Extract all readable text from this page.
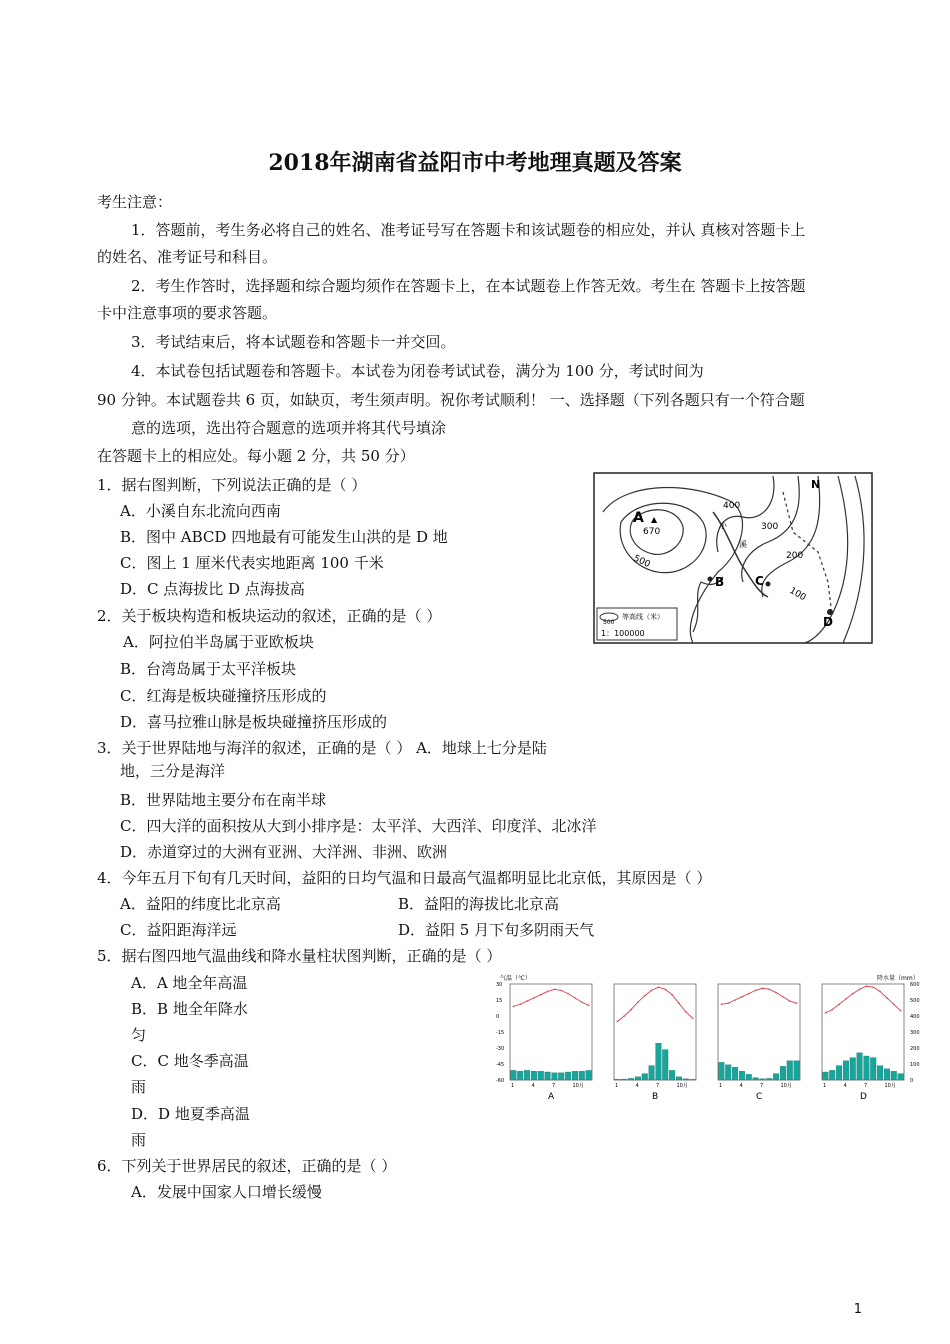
2018年湖南省益阳市中考地理真题及答案
考生注意：
1．答题前，考生务必将自己的姓名、准考证号写在答题卡和该试题卷的相应处，并认 真核对答题卡上
的姓名、准考证号和科目。
2．考生作答时，选择题和综合题均须作在答题卡上，在本试题卷上作答无效。考生在 答题卡上按答题
卡中注意事项的要求答题。
3．考试结束后，将本试题卷和答题卡一并交回。
4．本试卷包括试题卷和答题卡。本试卷为闭卷考试试卷，满分为 100 分，考试时间为
90 分钟。本试题卷共 6 页，如缺页，考生须声明。祝你考试顺利！ 一、选择题（下列各题只有一个符合题
意的选项，选出符合题意的选项并将其代号填涂
在答题卡上的相应处。每小题 2 分，共 50 分）
1．据右图判断，下列说法正确的是（ ）
A．小溪自东北流向西南
B．图中 ABCD 四地最有可能发生山洪的是 D 地
C．图上 1 厘米代表实地距离 100 千米
D．C 点海拔比 D 点海拔高
2．关于板块构造和板块运动的叙述，正确的是（ ）
A．阿拉伯半岛属于亚欧板块
B．台湾岛属于太平洋板块
C．红海是板块碰撞挤压形成的
D．喜马拉雅山脉是板块碰撞挤压形成的
3．关于世界陆地与海洋的叙述，正确的是（ ） A．地球上七分是陆
地，三分是海洋
B．世界陆地主要分布在南半球
C．四大洋的面积按从大到小排序是：太平洋、大西洋、印度洋、北冰洋
D．赤道穿过的大洲有亚洲、大洋洲、非洲、欧洲
4．今年五月下旬有几天时间，益阳的日均气温和日最高气温都明显比北京低，其原因是（ ）
A．益阳的纬度比北京高	B．益阳的海拔比北京高
C．益阳距海洋远	D．益阳 5 月下旬多阴雨天气
5．据右图四地气温曲线和降水量柱状图判断，正确的是（ ）
A．A 地全年高温
B．B 地全年降水
匀
C．C 地冬季高温
雨
D．D 地夏季高温
雨
6．下列关于世界居民的叙述，正确的是（ ）
A．发展中国家人口增长缓慢
1
A ▲
670
400
300
200
100
500
N
小
溪
B	C
D
500
等高线（米）
1：100000
气温（℃）	降水量（mm）
30
15
0
-15
-30
-45
-60
600
500
400
300
200
100
0
1	4	7	10月
A
1	4	7	10月
B
1	4	7	10月
C
1	4	7	10月
D
